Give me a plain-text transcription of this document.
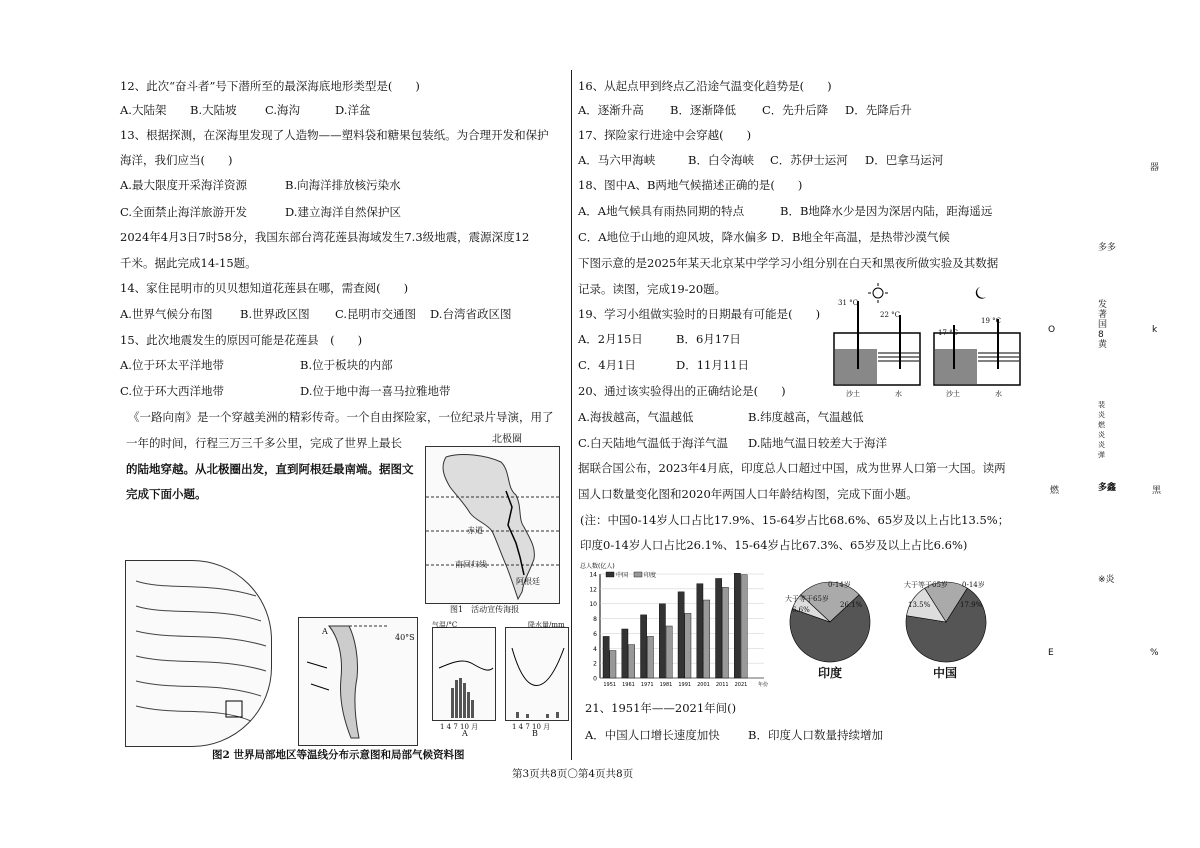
12、此次“奋斗者”号下潜所至的最深海底地形类型是(　　)
A.大陆架 B.大陆坡 C.海沟	D.洋盆
13、根据探测，在深海里发现了人造物——塑料袋和糖果包装纸。为合理开发和保护
海洋，我们应当(　　)
A.最大限度开采海洋资源	B.向海洋排放核污染水
C.全面禁止海洋旅游开发	D.建立海洋自然保护区
2024年4月3日7时58分，我国东部台湾花莲县海域发生7.3级地震，震源深度12
千米。据此完成14-15题。
14、家住昆明市的贝贝想知道花莲县在哪，需查阅(　　)
A.世界气候分布图 B.世界政区图 C.昆明市交通图 D.台湾省政区图
15、此次地震发生的原因可能是花莲县　(　　)
A.位于环太平洋地带	B.位于板块的内部
C.位于环大西洋地带	D.位于地中海一喜马拉雅地带
《一路向南》是一个穿越美洲的精彩传奇。一个自由探险家，一位纪录片导演，用了
一年的时间，行程三万三千多公里，完成了世界上最长
的陆地穿越。从北极圈出发，直到阿根廷最南端。据图文
完成下面小题。
北极圈
赤道
南回归线
阿根廷
图1　活动宣传海报
40°S
A
气温/°C	降水量/mm
1 4 7 10 月
A
1 4 7 10 月
B
图2 世界局部地区等温线分布示意图和局部气候资料图
16、从起点甲到终点乙沿途气温变化趋势是(　　)
A．逐渐升高 B．逐渐降低 C．先升后降 D．先降后升
17、探险家行进途中会穿越(　　)
A．马六甲海峡	B．白令海峡 C．苏伊士运河 D．巴拿马运河
18、图中A、B两地气候描述正确的是(　　)
A．A地气候具有雨热同期的特点	B．B地降水少是因为深居内陆，距海遥远
C．A地位于山地的迎风坡，降水偏多 D．B地全年高温，是热带沙漠气候
下图示意的是2025年某天北京某中学学习小组分别在白天和黑夜所做实验及其数据
记录。读图，完成19-20题。
19、学习小组做实验时的日期最有可能是(　　)
A．2月15日	B．6月17日
C．4月1日	D．11月11日
20、通过该实验得出的正确结论是(　　)
A.海拔越高，气温越低	B.纬度越高，气温越低
C.白天陆地气温低于海洋气温 D.陆地气温日较差大于海洋
31 °C
22 °C
17 °C
19 °C
沙土	水	沙土	水
据联合国公布，2023年4月底，印度总人口超过中国，成为世界人口第一大国。读两
国人口数量变化图和2020年两国人口年龄结构图，完成下面小题。
(注：中国0-14岁人口占比17.9%、15-64岁占比68.6%、65岁及以上占比13.5%；
印度0-14岁人口占比26.1%、15-64岁占比67.3%、65岁及以上占比6.6%)
0
2
4
6
8
10
12
14
总人数(亿人)
1951 1961 1971 1981 1991 2001 2011 2021 年份
中国	印度
大于等于65岁
0-14岁
6.6%
26.1%
大于等于65岁 0-14岁
13.5%	17.9%
印度	中国
21、1951年——2021年间()
A．中国人口增长速度加快 B．印度人口数量持续增加
第3页共8页〇第4页共8页
器
多多
发著国8黄
O	k
裴炎燃炎炎弹
燃	多鑫	黑
※炎
E	%
